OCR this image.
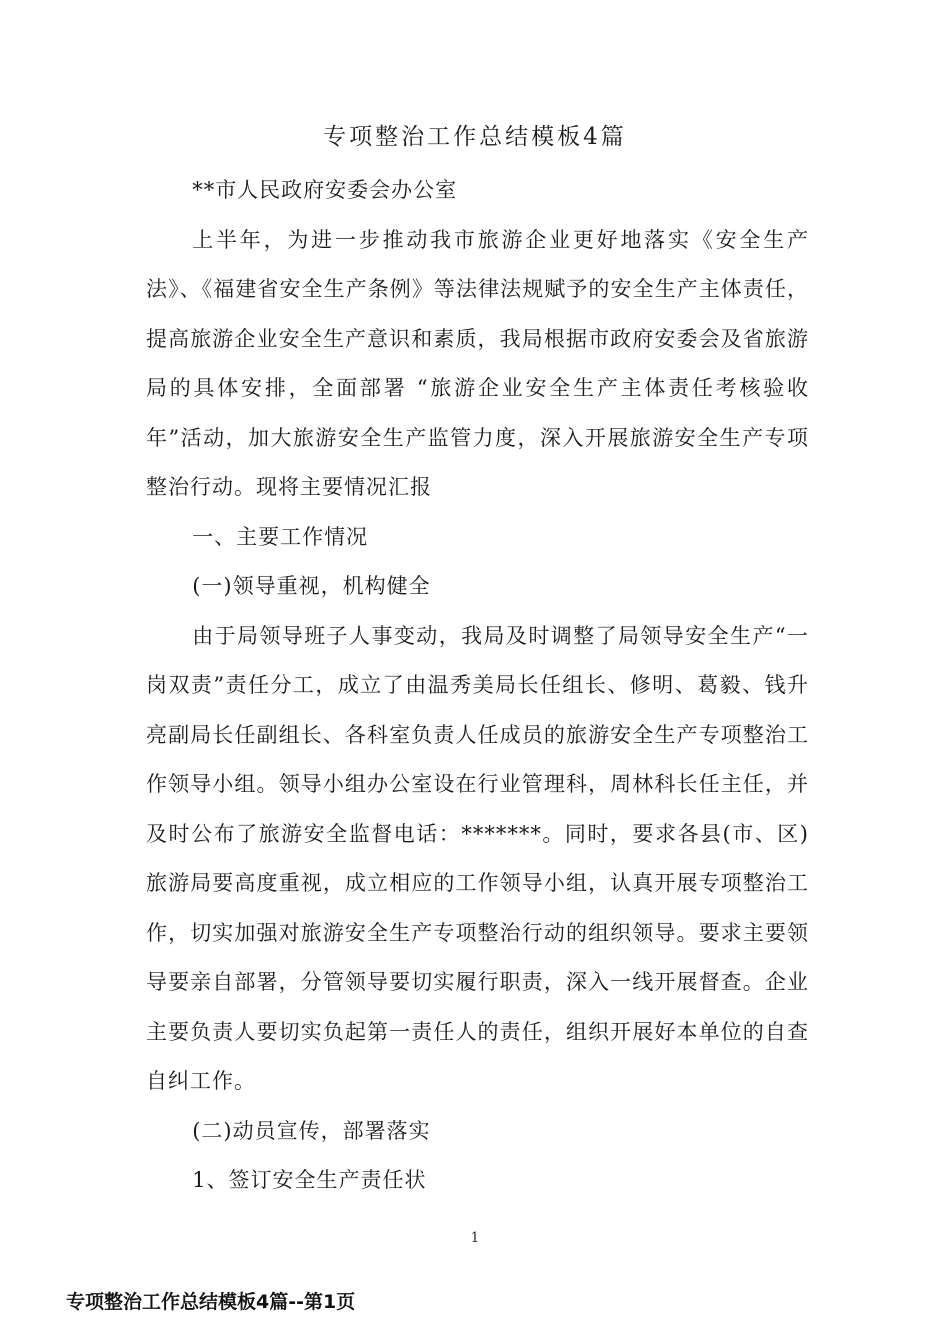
专项整治工作总结模板4篇

**市人民政府安委会办公室

上半年，为进一步推动我市旅游企业更好地落实《安全生产法》、《福建省安全生产条例》等法律法规赋予的安全生产主体责任，提高旅游企业安全生产意识和素质，我局根据市政府安委会及省旅游局的具体安排，全面部署 “旅游企业安全生产主体责任考核验收年”活动，加大旅游安全生产监管力度，深入开展旅游安全生产专项整治行动。现将主要情况汇报

一、主要工作情况

(一)领导重视，机构健全

由于局领导班子人事变动，我局及时调整了局领导安全生产“一岗双责”责任分工，成立了由温秀美局长任组长、修明、葛毅、钱升亮副局长任副组长、各科室负责人任成员的旅游安全生产专项整治工作领导小组。领导小组办公室设在行业管理科，周林科长任主任，并及时公布了旅游安全监督电话：*******。同时，要求各县(市、区)旅游局要高度重视，成立相应的工作领导小组，认真开展专项整治工作，切实加强对旅游安全生产专项整治行动的组织领导。要求主要领导要亲自部署，分管领导要切实履行职责，深入一线开展督查。企业主要负责人要切实负起第一责任人的责任，组织开展好本单位的自查自纠工作。

(二)动员宣传，部署落实

1、签订安全生产责任状

1
专项整治工作总结模板4篇--第1页
